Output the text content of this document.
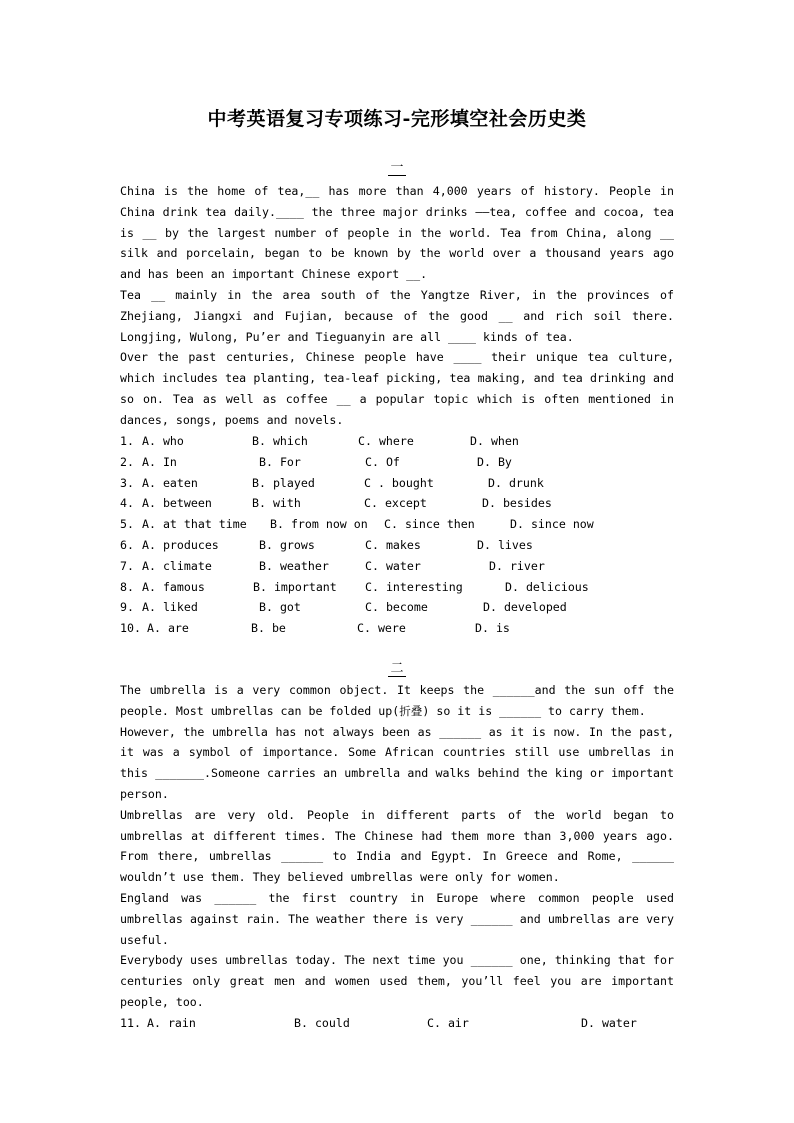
中考英语复习专项练习-完形填空社会历史类
一

China is the home of tea,__ has more than 4,000 years of history. People in China drink tea daily.____ the three major drinks ––tea, coffee and cocoa, tea is __ by the largest number of people in the world. Tea from China, along __ silk and porcelain, began to be known by the world over a thousand years ago and has been an important Chinese export __.

Tea __ mainly in the area south of the Yangtze River, in the provinces of Zhejiang, Jiangxi and Fujian, because of the good __ and rich soil there. Longjing, Wulong, Pu’er and Tieguanyin are all ____ kinds of tea.

Over the past centuries, Chinese people have ____ their unique tea culture, which includes tea planting, tea-leaf picking, tea making, and tea drinking and so on. Tea as well as coffee __ a popular topic which is often mentioned in dances, songs, poems and novels.

1. A. who	B. which	C. where	D. when
2. A. In	B. For	C. Of	D. By
3. A. eaten	B. played	C . bought	D. drunk
4. A. between	B. with	C. except	D. besides
5. A. at that time	B. from now on	C. since then	D. since now
6. A. produces	B. grows	C. makes	D. lives
7. A. climate	B. weather	C. water	D. river
8. A. famous	B. important	C. interesting	D. delicious
9. A. liked	B. got	C. become	D. developed
10. A. are	B. be	C. were	D. is
二

The umbrella is a very common object. It keeps the ______and the sun off the people. Most umbrellas can be folded up(折叠) so it is ______ to carry them.

However, the umbrella has not always been as ______ as it is now. In the past, it was a symbol of importance. Some African countries still use umbrellas in this _______.Someone carries an umbrella and walks behind the king or important person.

Umbrellas are very old. People in different parts of the world began to umbrellas at different times. The Chinese had them more than 3,000 years ago. From there, umbrellas ______ to India and Egypt. In Greece and Rome, ______ wouldn’t use them. They believed umbrellas were only for women.

England was ______ the first country in Europe where common people used umbrellas against rain. The weather there is very ______ and umbrellas are very useful.

Everybody uses umbrellas today. The next time you ______ one, thinking that for centuries only great men and women used them, you’ll feel you are important people, too.

11. A. rain	B. could	C. air	D. water
